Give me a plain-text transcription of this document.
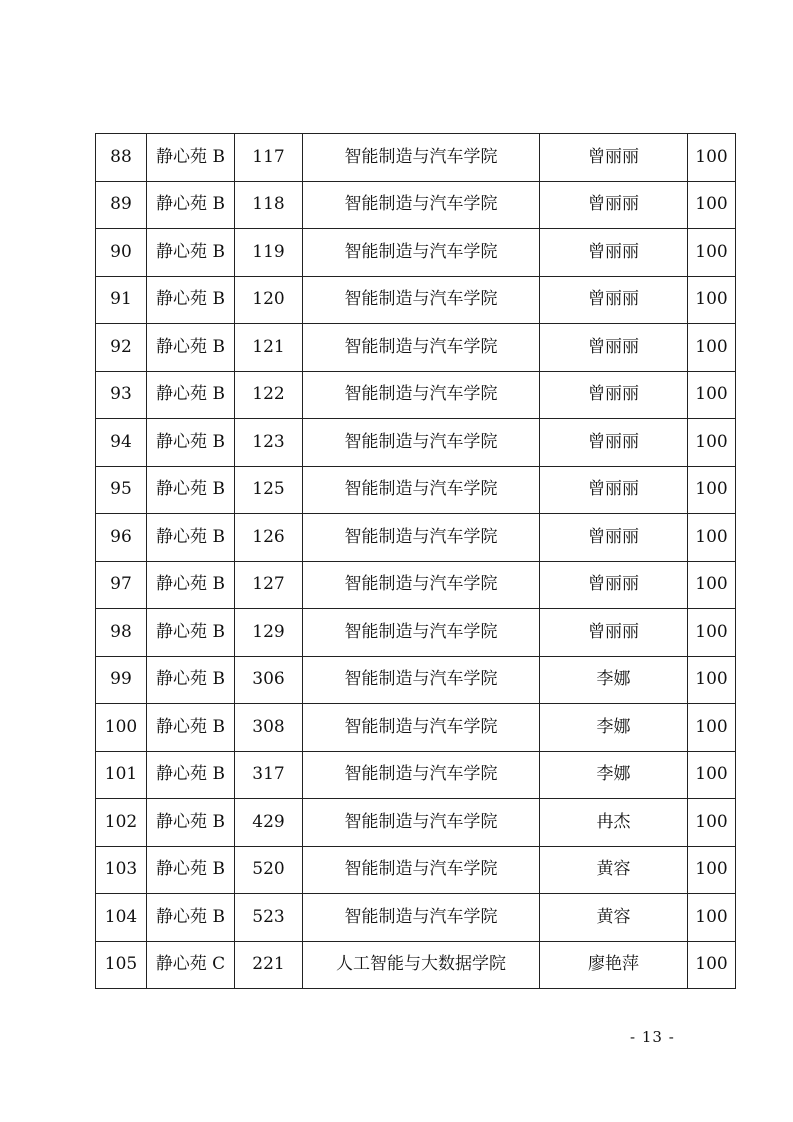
88	静心苑 B	117	智能制造与汽车学院	曾丽丽	100
89	静心苑 B	118	智能制造与汽车学院	曾丽丽	100
90	静心苑 B	119	智能制造与汽车学院	曾丽丽	100
91	静心苑 B	120	智能制造与汽车学院	曾丽丽	100
92	静心苑 B	121	智能制造与汽车学院	曾丽丽	100
93	静心苑 B	122	智能制造与汽车学院	曾丽丽	100
94	静心苑 B	123	智能制造与汽车学院	曾丽丽	100
95	静心苑 B	125	智能制造与汽车学院	曾丽丽	100
96	静心苑 B	126	智能制造与汽车学院	曾丽丽	100
97	静心苑 B	127	智能制造与汽车学院	曾丽丽	100
98	静心苑 B	129	智能制造与汽车学院	曾丽丽	100
99	静心苑 B	306	智能制造与汽车学院	李娜	100
100	静心苑 B	308	智能制造与汽车学院	李娜	100
101	静心苑 B	317	智能制造与汽车学院	李娜	100
102	静心苑 B	429	智能制造与汽车学院	冉杰	100
103	静心苑 B	520	智能制造与汽车学院	黄容	100
104	静心苑 B	523	智能制造与汽车学院	黄容	100
105	静心苑 C	221	人工智能与大数据学院	廖艳萍	100
- 13 -
